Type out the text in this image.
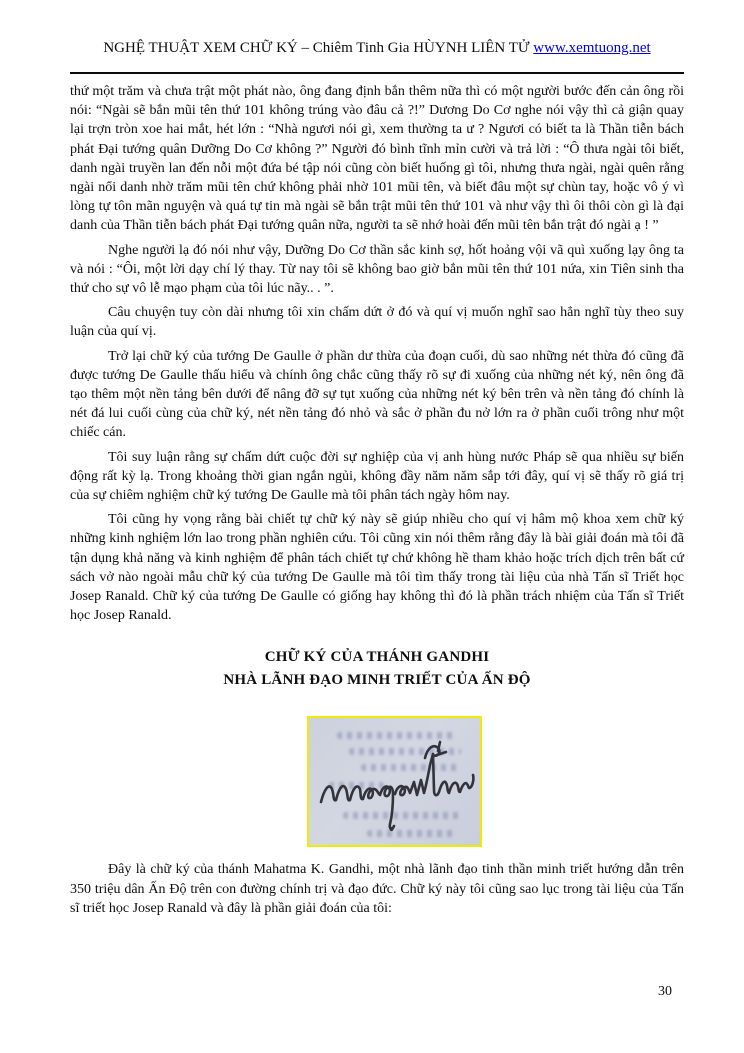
NGHỆ THUẬT XEM CHỮ KÝ – Chiêm Tinh Gia HÙYNH LIÊN TỬ www.xemtuong.net

thứ một trăm và chưa trật một phát nào, ông đang định bắn thêm nữa thì có một người bước đến cản ông rồi nói: “Ngài sẽ bắn mũi tên thứ 101 không trúng vào đâu cả ?!” Dương Do Cơ nghe nói vậy thì cả giận quay lại trợn tròn xoe hai mắt, hét lớn : “Nhà ngươi nói gì, xem thường ta ư ? Ngươi có biết ta là Thần tiễn bách phát Đại tướng quân Dưỡng Do Cơ không ?” Người đó bình tĩnh mỉn cười và trả lời : “Ô thưa ngài tôi biết, danh ngài truyền lan đến nỗi một đứa bé tập nói cũng còn biết huống gì tôi, nhưng thưa ngài, ngài quên rằng ngài nổi danh nhờ trăm mũi tên chứ không phải nhờ 101 mũi tên, và biết đâu một sự chùn tay, hoặc vô ý vì lòng tự tôn mãn nguyện và quá tự tin mà ngài sẽ bắn trật mũi tên thứ 101 và như vậy thì ôi thôi còn gì là đại danh của Thần tiễn bách phát Đại tướng quân nữa, người ta sẽ nhớ hoài đến mũi tên bắn trật đó ngài ạ ! ”

Nghe người lạ đó nói như vậy, Dưỡng Do Cơ thần sắc kinh sợ, hốt hoảng vội vã quì xuống lạy ông ta và nói : “Ôi, một lời dạy chí lý thay. Từ nay tôi sẽ không bao giờ bắn mũi tên thứ 101 nứa, xin Tiên sinh tha thứ cho sự vô lễ mạo phạm của tôi lúc nãy.. . ”.

Câu chuyện tuy còn dài nhưng tôi xin chấm dứt ở đó và quí vị muốn nghĩ sao hẳn nghĩ tùy theo suy luận của quí vị.

Trở lại chữ ký của tướng De Gaulle ở phần dư thừa của đoạn cuối, dù sao những nét thừa đó cũng đã được tướng De Gaulle thấu hiểu và chính ông chắc cũng thấy rõ sự đi xuống của những nét ký, nên ông đã tạo thêm một nền tảng bên dưới để nâng đỡ sự tụt xuống của những nét ký bên trên và nền tảng đó chính là nét đá lui cuối cùng của chữ ký, nét nền tảng đó nhỏ và sắc ở phần đu nở lớn ra ở phần cuối trông như một chiếc cán.

Tôi suy luận rằng sự chấm dứt cuộc đời sự nghiệp của vị anh hùng nước Pháp sẽ qua nhiều sự biến động rất kỳ lạ. Trong khoảng thời gian ngắn ngủi, không đầy năm năm sắp tới đây, quí vị sẽ thấy rõ giá trị của sự chiêm nghiệm chữ ký tướng De Gaulle mà tôi phân tách ngày hôm nay.

Tôi cũng hy vọng rằng bài chiết tự chữ ký này sẽ giúp nhiều cho quí vị hâm mộ khoa xem chữ ký những kinh nghiệm lớn lao trong phần nghiên cứu. Tôi cũng xin nói thêm rằng đây là bài giải đoán mà tôi đã tận dụng khả năng và kinh nghiệm để phân tách chiết tự chứ không hề tham khảo hoặc trích dịch trên bất cứ sách vở nào ngoài mẫu chữ ký của tướng De Gaulle mà tôi tìm thấy trong tài liệu của nhà Tấn sĩ Triết học Josep Ranald. Chữ ký của tướng De Gaulle có giống hay không thì đó là phần trách nhiệm của Tấn sĩ Triết học Josep Ranald.

CHỮ KÝ CỦA THÁNH GANDHI
NHÀ LÃNH ĐẠO MINH TRIẾT CỦA ẤN ĐỘ

Đây là chữ ký của thánh Mahatma K. Gandhi, một nhà lãnh đạo tinh thần minh triết hướng dẫn trên 350 triệu dân Ấn Độ trên con đường chính trị và đạo đức. Chữ ký này tôi cũng sao lục trong tài liệu của Tấn sĩ triết học Josep Ranald và đây là phần giải đoán của tôi:

30
